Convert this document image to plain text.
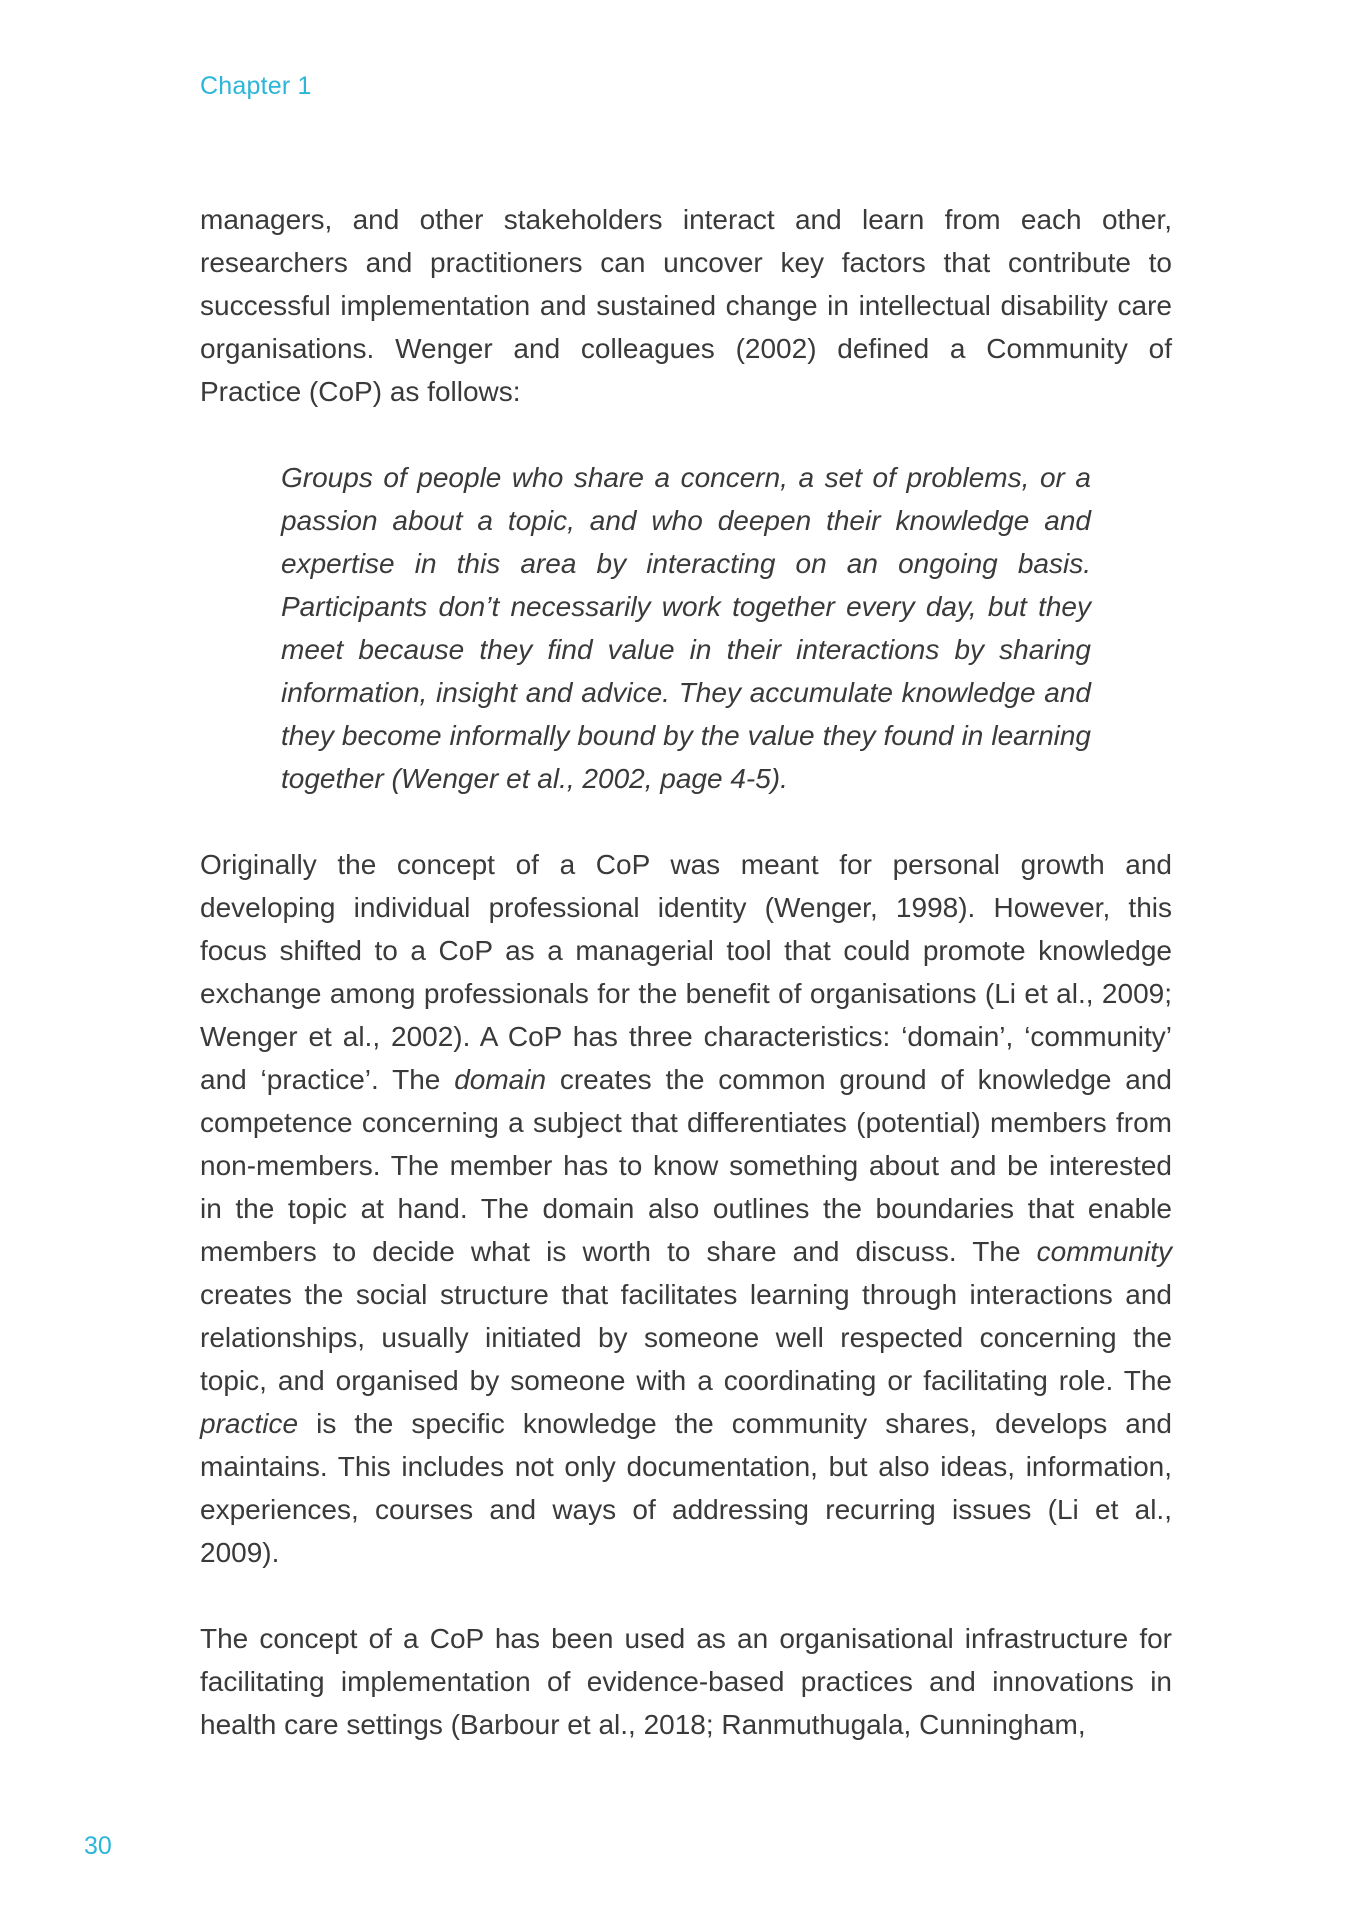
Chapter 1

managers, and other stakeholders interact and learn from each other, researchers and practitioners can uncover key factors that contribute to successful implementation and sustained change in intellectual disability care organisations. Wenger and colleagues (2002) defined a Community of Practice (CoP) as follows:

Groups of people who share a concern, a set of problems, or a passion about a topic, and who deepen their knowledge and expertise in this area by interacting on an ongoing basis. Participants don’t necessarily work together every day, but they meet because they find value in their interactions by sharing information, insight and advice. They accumulate knowledge and they become informally bound by the value they found in learning together (Wenger et al., 2002, page 4-5).

Originally the concept of a CoP was meant for personal growth and developing individual professional identity (Wenger, 1998). However, this focus shifted to a CoP as a managerial tool that could promote knowledge exchange among professionals for the benefit of organisations (Li et al., 2009; Wenger et al., 2002). A CoP has three characteristics: ‘domain’, ‘community’ and ‘practice’. The domain creates the common ground of knowledge and competence concerning a subject that differentiates (potential) members from non-members. The member has to know something about and be interested in the topic at hand. The domain also outlines the boundaries that enable members to decide what is worth to share and discuss. The community creates the social structure that facilitates learning through interactions and relationships, usually initiated by someone well respected concerning the topic, and organised by someone with a coordinating or facilitating role. The practice is the specific knowledge the community shares, develops and maintains. This includes not only documentation, but also ideas, information, experiences, courses and ways of addressing recurring issues (Li et al., 2009).

The concept of a CoP has been used as an organisational infrastructure for facilitating implementation of evidence-based practices and innovations in health care settings (Barbour et al., 2018; Ranmuthugala, Cunningham,

30
